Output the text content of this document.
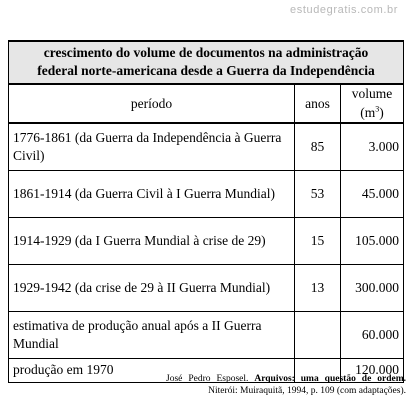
estudegratis.com.br
crescimento do volume de documentos na administração
federal norte-americana desde a Guerra da Independência		
período	anos	volume $(m^3)$
1776-1861 (da Guerra da Independência à Guerra Civil)	85	3.000
1861-1914 (da Guerra Civil à I Guerra Mundial)	53	45.000
1914-1929 (da I Guerra Mundial à crise de 29)	15	105.000
1929-1942 (da crise de 29 à II Guerra Mundial)	13	300.000
estimativa de produção anual após a II Guerra Mundial		60.000
produção em 1970		120.000
José Pedro Esposel. Arquivos: uma questão de ordem. Niterói: Muiraquitã, 1994, p. 109 (com adaptações).
